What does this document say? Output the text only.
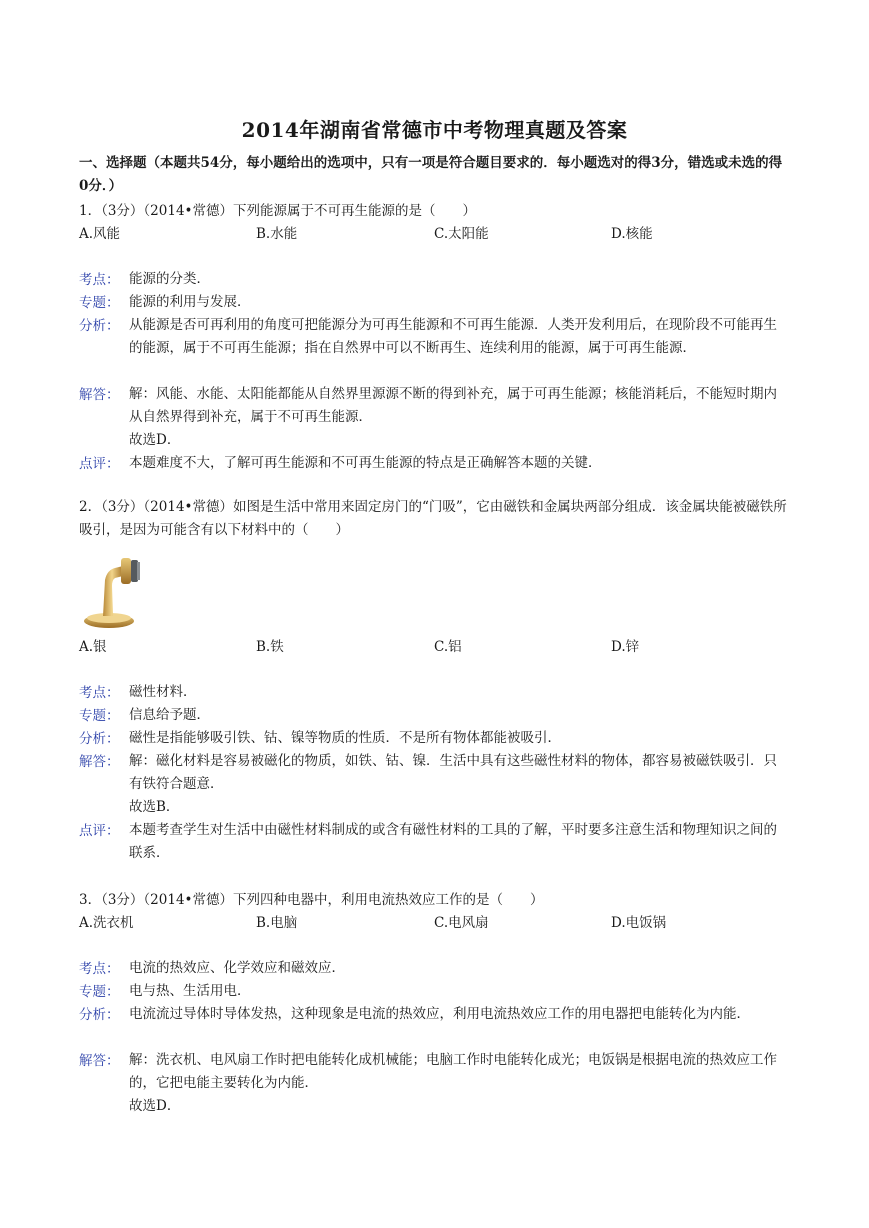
2014年湖南省常德市中考物理真题及答案
一、选择题（本题共54分，每小题给出的选项中，只有一项是符合题目要求的．每小题选对的得3分，错选或未选的得0分．）
1．（3分）（2014•常德）下列能源属于不可再生能源的是（　　）
A.风能	B.水能	C.太阳能	D.核能
考点： 能源的分类．
专题： 能源的利用与发展．
分析： 从能源是否可再利用的角度可把能源分为可再生能源和不可再生能源．人类开发利用后，在现阶段不可能再生的能源，属于不可再生能源；指在自然界中可以不断再生、连续利用的能源，属于可再生能源．
解答： 解：风能、水能、太阳能都能从自然界里源源不断的得到补充，属于可再生能源；核能消耗后，不能短时期内从自然界得到补充，属于不可再生能源．
故选D．
点评： 本题难度不大，了解可再生能源和不可再生能源的特点是正确解答本题的关键．
2．（3分）（2014•常德）如图是生活中常用来固定房门的“门吸”，它由磁铁和金属块两部分组成．该金属块能被磁铁所吸引，是因为可能含有以下材料中的（　　）
A.银	B.铁	C.铝	D.锌
考点： 磁性材料．
专题： 信息给予题．
分析： 磁性是指能够吸引铁、钴、镍等物质的性质．不是所有物体都能被吸引．
解答： 解：磁化材料是容易被磁化的物质，如铁、钴、镍．生活中具有这些磁性材料的物体，都容易被磁铁吸引．只有铁符合题意．
故选B．
点评： 本题考查学生对生活中由磁性材料制成的或含有磁性材料的工具的了解，平时要多注意生活和物理知识之间的联系．
3．（3分）（2014•常德）下列四种电器中，利用电流热效应工作的是（　　）
A.洗衣机	B.电脑	C.电风扇	D.电饭锅
考点： 电流的热效应、化学效应和磁效应．
专题： 电与热、生活用电．
分析： 电流流过导体时导体发热，这种现象是电流的热效应，利用电流热效应工作的用电器把电能转化为内能．
解答： 解：洗衣机、电风扇工作时把电能转化成机械能；电脑工作时电能转化成光；电饭锅是根据电流的热效应工作的，它把电能主要转化为内能．
故选D．
